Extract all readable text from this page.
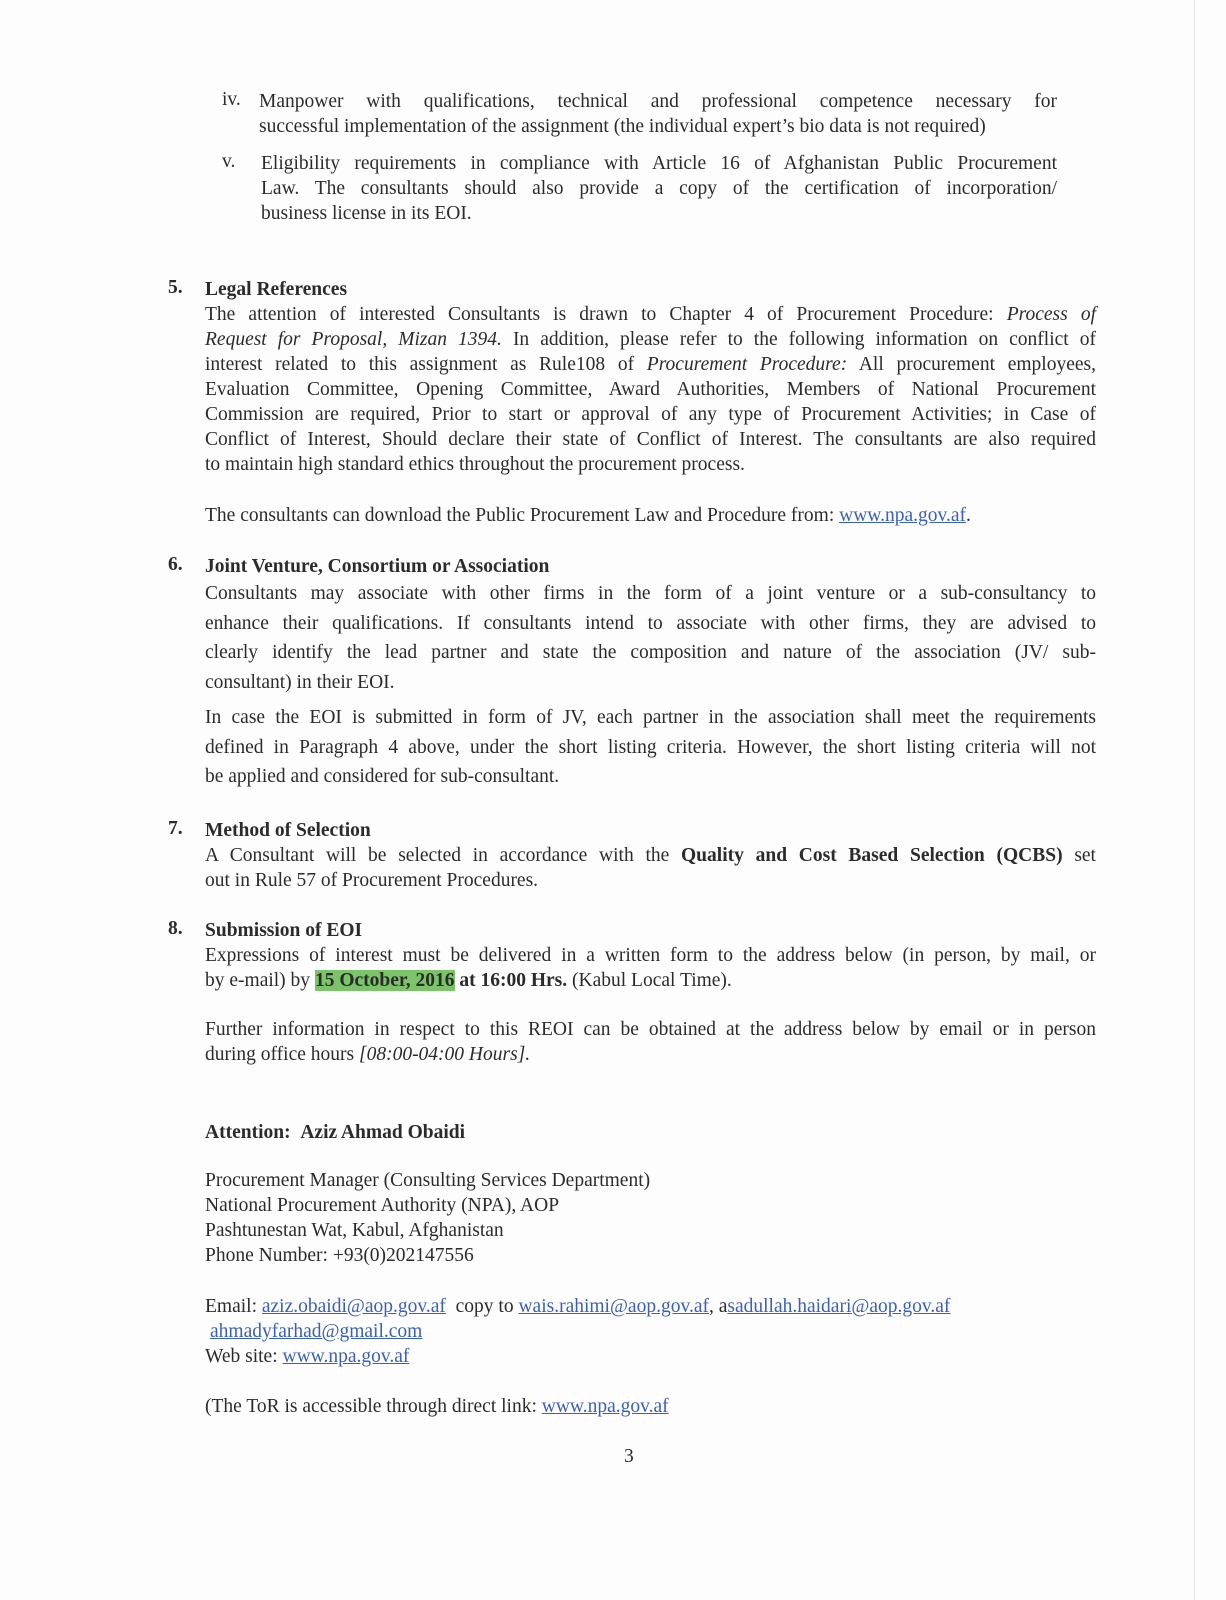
iv. Manpower with qualifications, technical and professional competence necessary for
successful implementation of the assignment (the individual expert’s bio data is not required)
v. Eligibility requirements in compliance with Article 16 of Afghanistan Public Procurement
Law. The consultants should also provide a copy of the certification of incorporation/
business license in its EOI.
5. Legal References
The attention of interested Consultants is drawn to Chapter 4 of Procurement Procedure: Process of
Request for Proposal, Mizan 1394. In addition, please refer to the following information on conflict of
interest related to this assignment as Rule108 of Procurement Procedure: All procurement employees,
Evaluation Committee, Opening Committee, Award Authorities, Members of National Procurement
Commission are required, Prior to start or approval of any type of Procurement Activities; in Case of
Conflict of Interest, Should declare their state of Conflict of Interest. The consultants are also required
to maintain high standard ethics throughout the procurement process.
The consultants can download the Public Procurement Law and Procedure from: www.npa.gov.af.
6. Joint Venture, Consortium or Association
Consultants may associate with other firms in the form of a joint venture or a sub-consultancy to
enhance their qualifications. If consultants intend to associate with other firms, they are advised to
clearly identify the lead partner and state the composition and nature of the association (JV/ sub-
consultant) in their EOI.
In case the EOI is submitted in form of JV, each partner in the association shall meet the requirements
defined in Paragraph 4 above, under the short listing criteria. However, the short listing criteria will not
be applied and considered for sub-consultant.
7. Method of Selection
A Consultant will be selected in accordance with the Quality and Cost Based Selection (QCBS) set
out in Rule 57 of Procurement Procedures.
8. Submission of EOI
Expressions of interest must be delivered in a written form to the address below (in person, by mail, or
by e-mail) by 15 October, 2016 at 16:00 Hrs. (Kabul Local Time).
Further information in respect to this REOI can be obtained at the address below by email or in person
during office hours [08:00-04:00 Hours].
Attention: Aziz Ahmad Obaidi
Procurement Manager (Consulting Services Department)
National Procurement Authority (NPA), AOP
Pashtunestan Wat, Kabul, Afghanistan
Phone Number: +93(0)202147556
Email: aziz.obaidi@aop.gov.af  copy to wais.rahimi@aop.gov.af, asadullah.haidari@aop.gov.af
ahmadyfarhad@gmail.com
Web site: www.npa.gov.af
(The ToR is accessible through direct link: www.npa.gov.af
3
